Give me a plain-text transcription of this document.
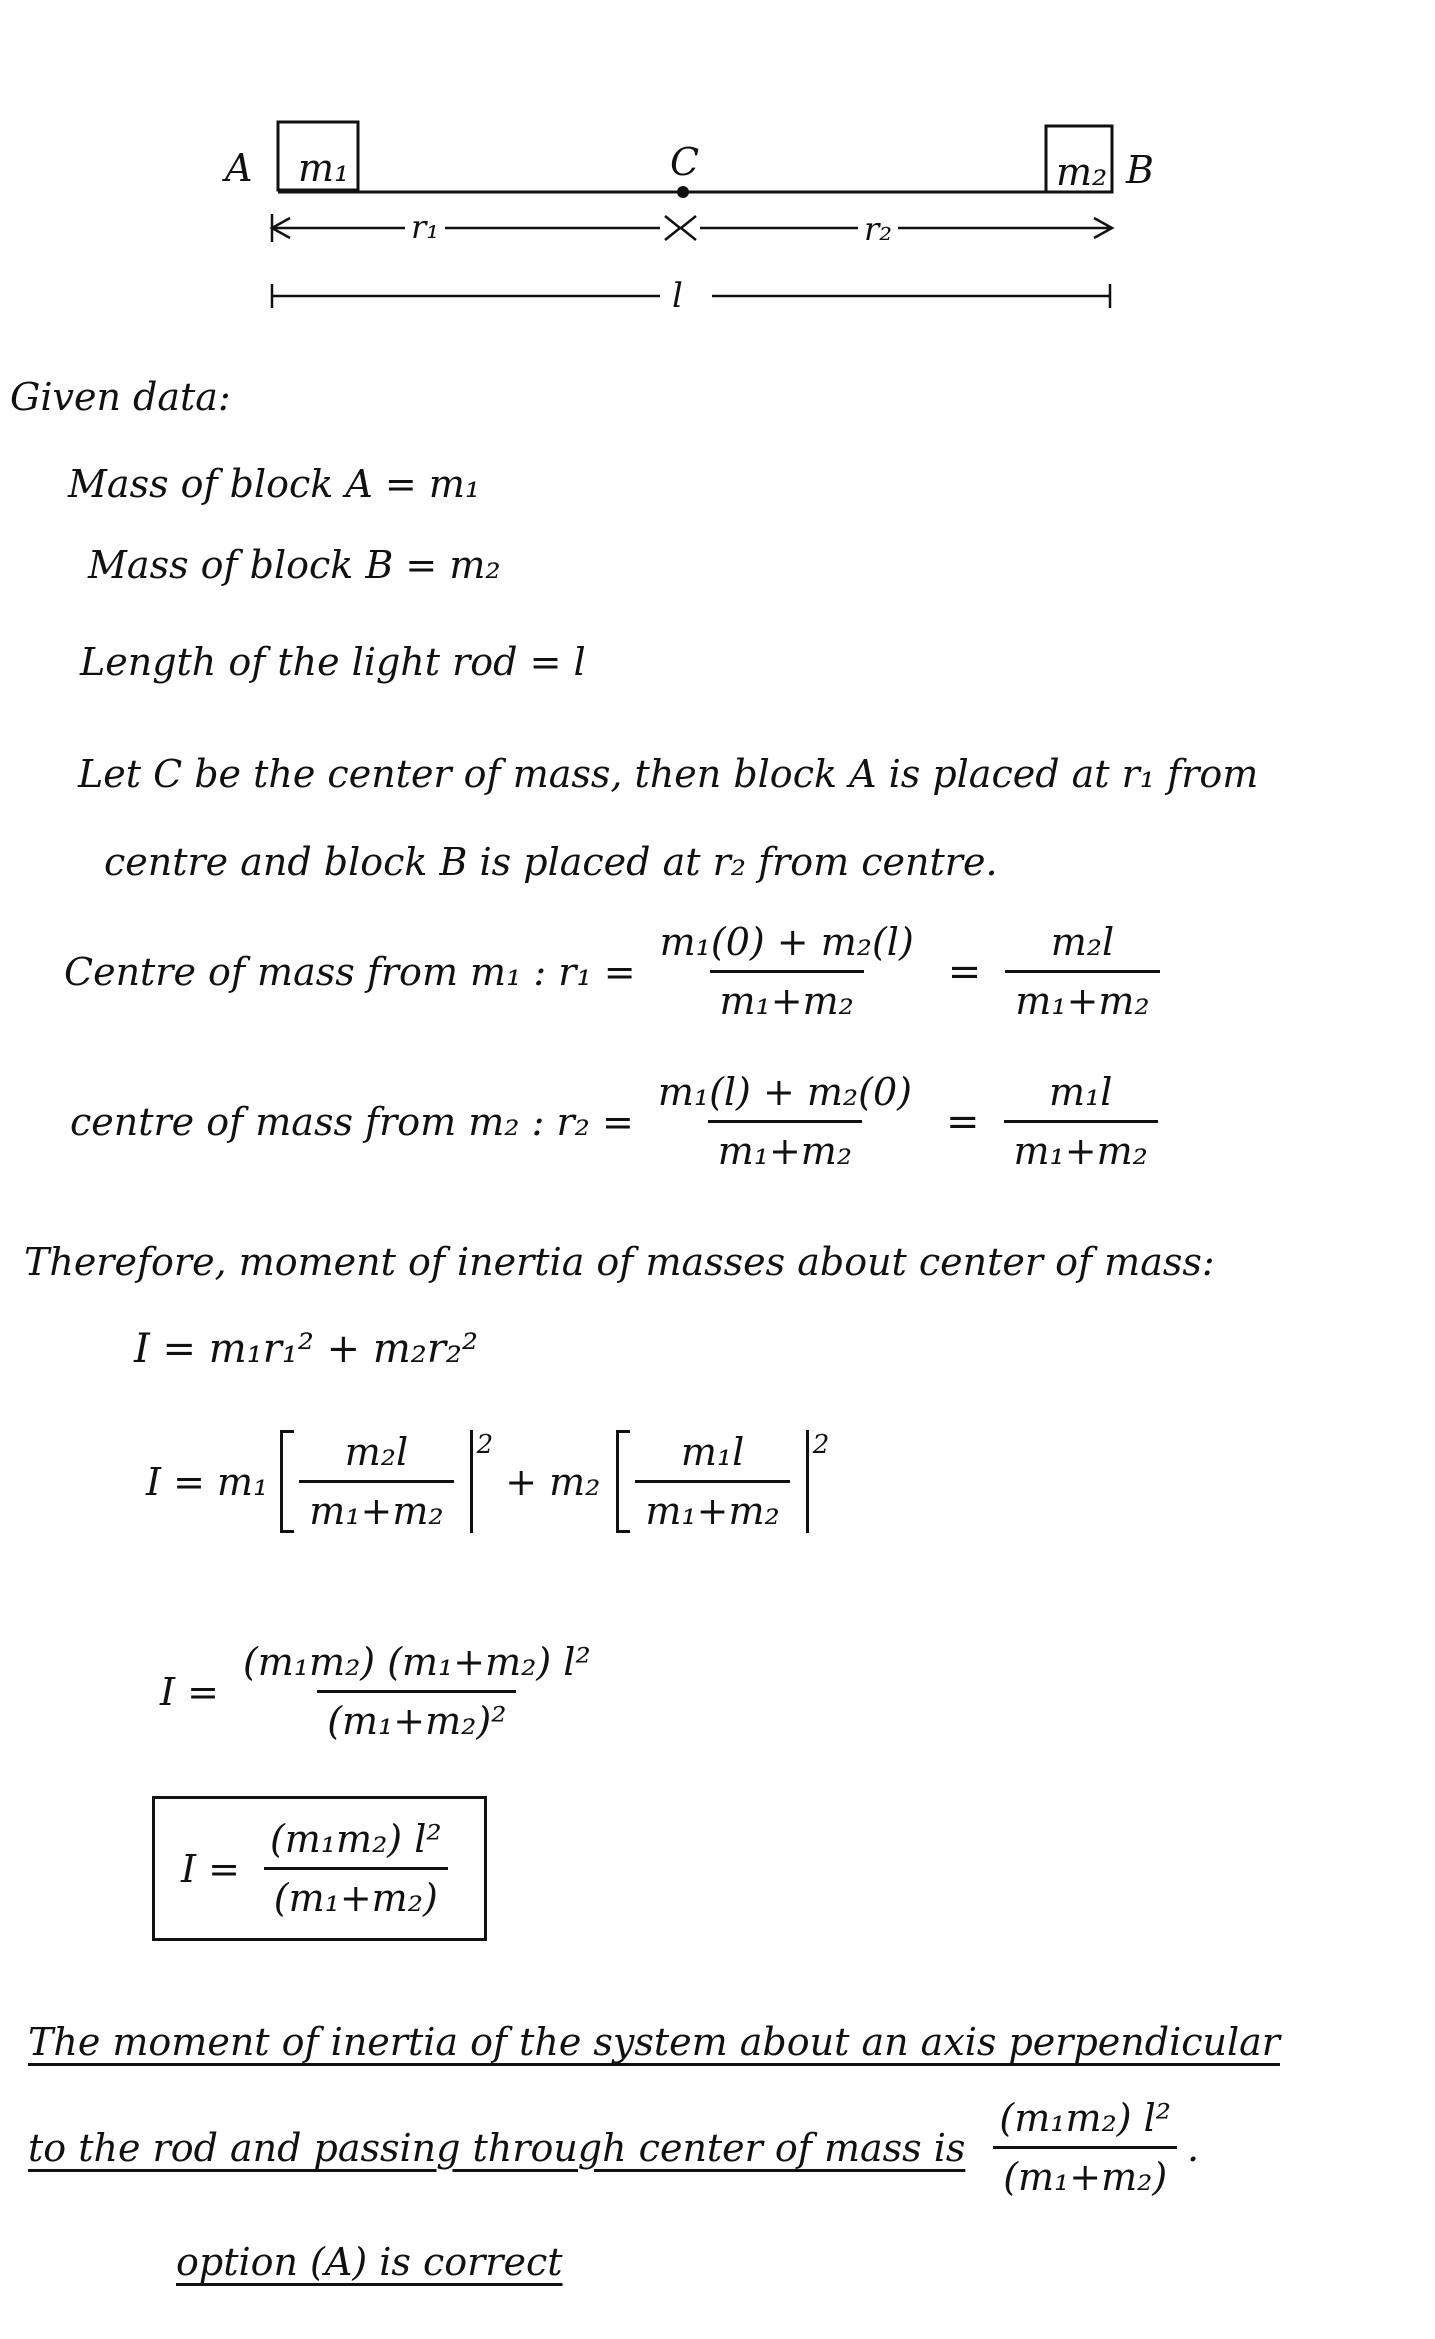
A m₁	C	m₂ B
r₁	r₂
l
Given data:
Mass of block A = m₁
Mass of block B = m₂
Length of the light rod = l
Let C be the center of mass, then block A is placed at r₁ from
centre and block B is placed at r₂ from centre.
Centre of mass from m₁ : $r_1 = \frac{\text{m₁(0) + m₂(l)}}{\text{m₁+m₂}} = \frac{\text{m₂l}}{\text{m₁+m₂}}$
centre of mass from m₂ : $r_2 = \frac{\text{m₁(l) + m₂(0)}}{\text{m₁+m₂}} = \frac{\text{m₁l}}{\text{m₁+m₂}}$
Therefore, moment of inertia of masses about center of mass:
I = m₁r₁² + m₂r₂²
$I = m_1 \frac{\text{m₂l}}{\text{m₁+m₂}} 2$
+ $m_2 \frac{\text{m₁l}}{\text{m₁+m₂}} 2$
$I = \frac{\text{(m₁m₂) (m₁+m₂) l²}}{\text{(m₁+m₂)²}}$
$I = \frac{\text{(m₁m₂) l²}}{\text{(m₁+m₂)}}$
The moment of inertia of the system about an axis perpendicular
to the rod and passing through center of mass is $\frac{\text{(m₁m₂) l²}}{\text{(m₁+m₂)}}$ .
option (A) is correct
